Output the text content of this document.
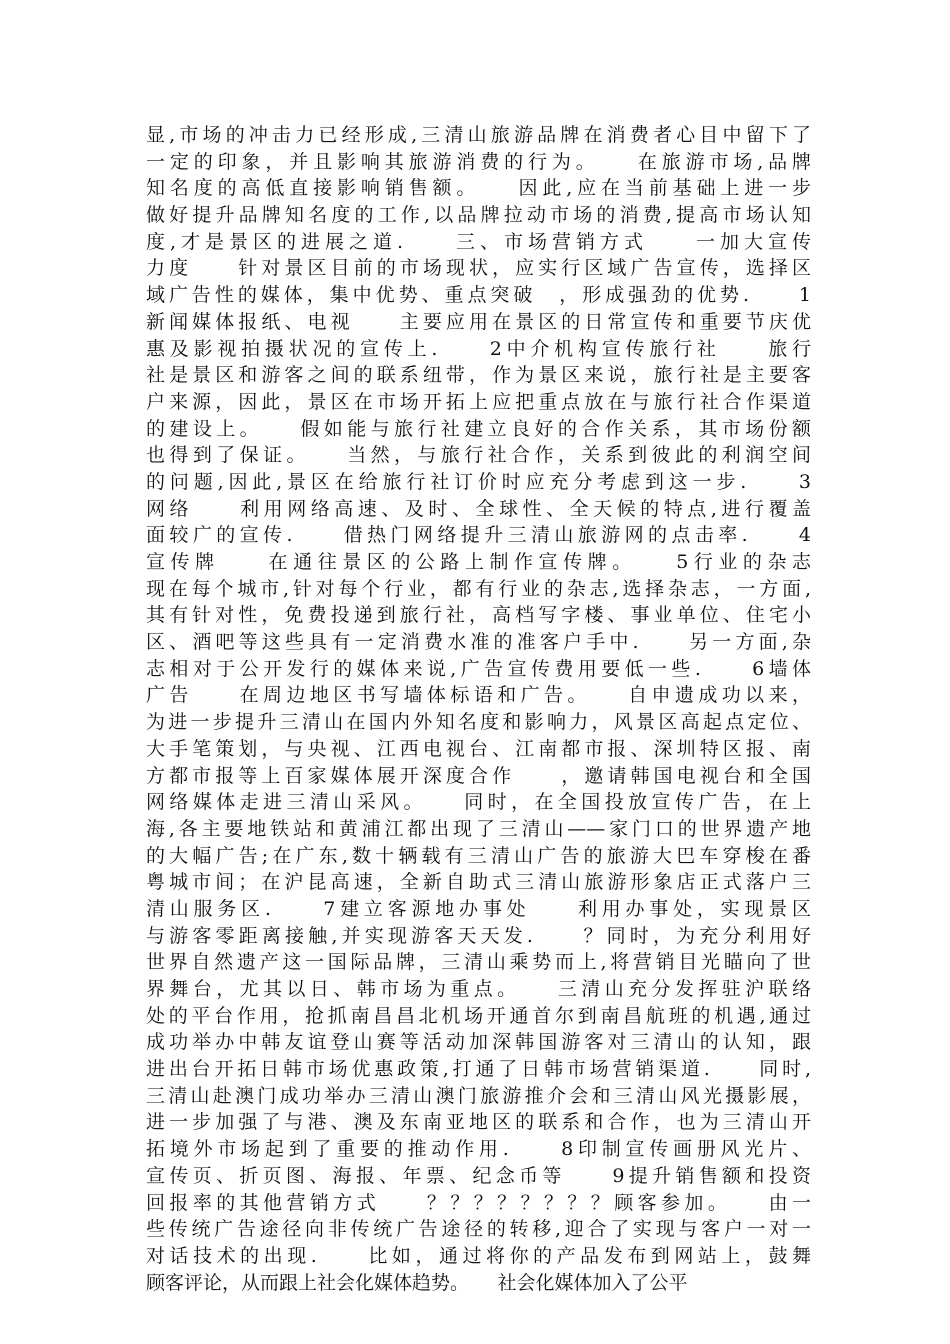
显,市场的冲击力已经形成,三清山旅游品牌在消费者心目中留下了
一定的印象，并且影响其旅游消费的行为。　　在旅游市场,品牌
知名度的高低直接影响销售额。　　因此,应在当前基础上进一步
做好提升品牌知名度的工作,以品牌拉动市场的消费,提高市场认知
度,才是景区的进展之道.　　三、市场营销方式　　一加大宣传
力度　　针对景区目前的市场现状，应实行区域广告宣传，选择区
域广告性的媒体，集中优势、重点突破　，形成强劲的优势.　　1
新闻媒体报纸、电视　　主要应用在景区的日常宣传和重要节庆优
惠及影视拍摄状况的宣传上.　　2中介机构宣传旅行社　　旅行
社是景区和游客之间的联系纽带，作为景区来说，旅行社是主要客
户来源，因此，景区在市场开拓上应把重点放在与旅行社合作渠道
的建设上。　　假如能与旅行社建立良好的合作关系，其市场份额
也得到了保证。　　当然，与旅行社合作，关系到彼此的利润空间
的问题,因此,景区在给旅行社订价时应充分考虑到这一步.　　3
网络　　利用网络高速、及时、全球性、全天候的特点,进行覆盖
面较广的宣传.　　借热门网络提升三清山旅游网的点击率.　　4
宣传牌　　在通往景区的公路上制作宣传牌。　　5行业的杂志
现在每个城市,针对每个行业，都有行业的杂志,选择杂志，一方面,
其有针对性，免费投递到旅行社，高档写字楼、事业单位、住宅小
区、酒吧等这些具有一定消费水准的准客户手中.　　另一方面,杂
志相对于公开发行的媒体来说,广告宣传费用要低一些.　　6墙体
广告　　在周边地区书写墙体标语和广告。　　自申遗成功以来，
为进一步提升三清山在国内外知名度和影响力，风景区高起点定位、
大手笔策划，与央视、江西电视台、江南都市报、深圳特区报、南
方都市报等上百家媒体展开深度合作　　，邀请韩国电视台和全国
网络媒体走进三清山采风。　　同时，在全国投放宣传广告，在上
海,各主要地铁站和黄浦江都出现了三清山——家门口的世界遗产地
的大幅广告;在广东,数十辆载有三清山广告的旅游大巴车穿梭在番
粤城市间；在沪昆高速，全新自助式三清山旅游形象店正式落户三
清山服务区.　　7建立客源地办事处　　利用办事处，实现景区
与游客零距离接触,并实现游客天天发.　　？同时，为充分利用好
世界自然遗产这一国际品牌，三清山乘势而上,将营销目光瞄向了世
界舞台，尤其以日、韩市场为重点。　　三清山充分发挥驻沪联络
处的平台作用，抢抓南昌昌北机场开通首尔到南昌航班的机遇,通过
成功举办中韩友谊登山赛等活动加深韩国游客对三清山的认知，跟
进出台开拓日韩市场优惠政策,打通了日韩市场营销渠道.　　同时,
三清山赴澳门成功举办三清山澳门旅游推介会和三清山风光摄影展，
进一步加强了与港、澳及东南亚地区的联系和合作，也为三清山开
拓境外市场起到了重要的推动作用.　　8印制宣传画册风光片、
宣传页、折页图、海报、年票、纪念币等　　9提升销售额和投资
回报率的其他营销方式　　？？？？？？？？顾客参加。　　由一
些传统广告途径向非传统广告途径的转移,迎合了实现与客户一对一
对话技术的出现.　　比如，通过将你的产品发布到网站上，鼓舞
顾客评论，从而跟上社会化媒体趋势。　　社会化媒体加入了公平
